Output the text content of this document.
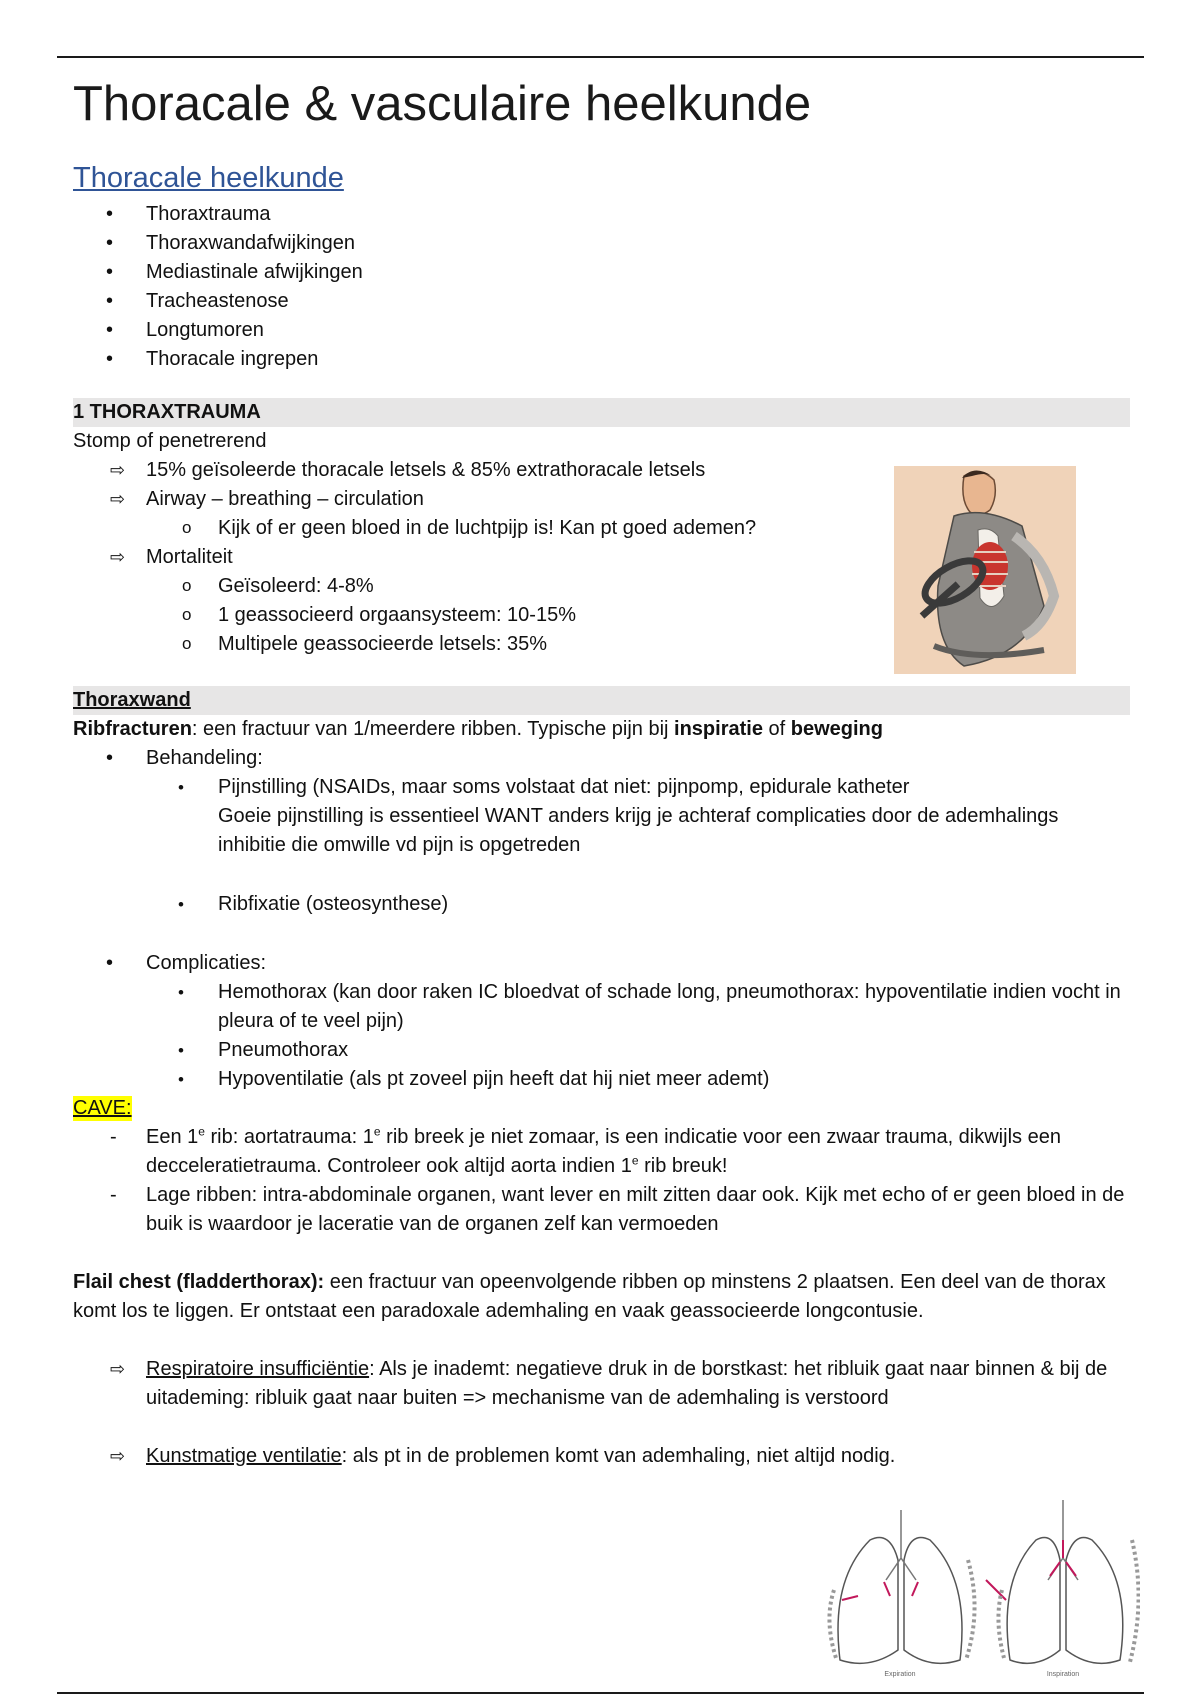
Thoracale & vasculaire heelkunde
Thoracale heelkunde
• Thoraxtrauma
• Thoraxwandafwijkingen
• Mediastinale afwijkingen
• Tracheastenose
• Longtumoren
• Thoracale ingrepen
1 THORAXTRAUMA
Stomp of penetrerend
⇨ 15% geïsoleerde thoracale letsels & 85% extrathoracale letsels
⇨ Airway – breathing – circulation
o Kijk of er geen bloed in de luchtpijp is! Kan pt goed ademen?
⇨ Mortaliteit
o Geïsoleerd: 4-8%
o 1 geassocieerd orgaansysteem: 10-15%
o Multipele geassocieerde letsels: 35%
Thoraxwand
Ribfracturen: een fractuur van 1/meerdere ribben. Typische pijn bij inspiratie of beweging
• Behandeling:
• Pijnstilling (NSAIDs, maar soms volstaat dat niet: pijnpomp, epidurale katheter
Goeie pijnstilling is essentieel WANT anders krijg je achteraf complicaties door de ademhalings inhibitie die omwille vd pijn is opgetreden
• Ribfixatie (osteosynthese)
• Complicaties:
• Hemothorax (kan door raken IC bloedvat of schade long, pneumothorax: hypoventilatie indien vocht in pleura of te veel pijn)
• Pneumothorax
• Hypoventilatie (als pt zoveel pijn heeft dat hij niet meer ademt)
CAVE:
- Een 1e rib: aortatrauma: 1e rib breek je niet zomaar, is een indicatie voor een zwaar trauma, dikwijls een decceleratietrauma. Controleer ook altijd aorta indien 1e rib breuk!
- Lage ribben: intra-abdominale organen, want lever en milt zitten daar ook. Kijk met echo of er geen bloed in de buik is waardoor je laceratie van de organen zelf kan vermoeden
Flail chest (fladderthorax): een fractuur van opeenvolgende ribben op minstens 2 plaatsen. Een deel van de thorax komt los te liggen. Er ontstaat een paradoxale ademhaling en vaak geassocieerde longcontusie.
⇨ Respiratoire insufficiëntie: Als je inademt: negatieve druk in de borstkast: het ribluik gaat naar binnen & bij de uitademing: ribluik gaat naar buiten => mechanisme van de ademhaling is verstoord
⇨ Kunstmatige ventilatie: als pt in de problemen komt van ademhaling, niet altijd nodig.
Expiration	Inspiration
